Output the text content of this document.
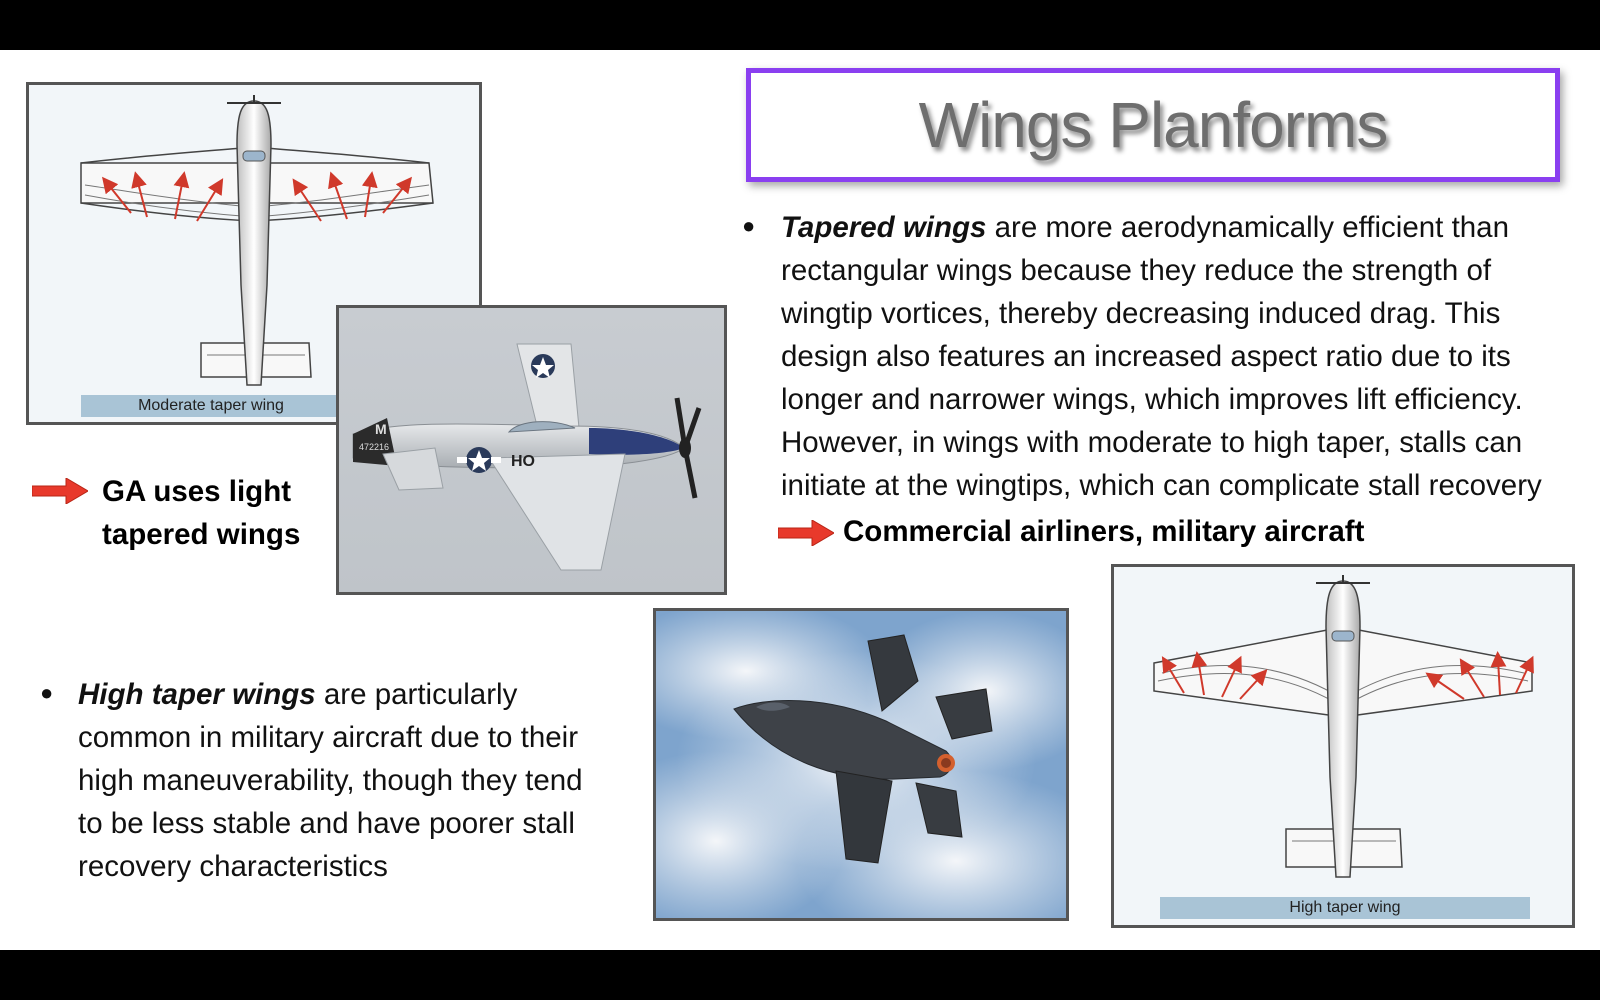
Moderate taper wing
M
472216
HO
GA uses light
tapered wings
Wings Planforms
● Tapered wings are more aerodynamically efficient than rectangular wings because they reduce the strength of wingtip vortices, thereby decreasing induced drag. This design also features an increased aspect ratio due to its longer and narrower wings, which improves lift efficiency. However, in wings with moderate to high taper, stalls can initiate at the wingtips, which can complicate stall recovery
Commercial airliners, military aircraft
● High taper wings are particularly common in military aircraft due to their high maneuverability, though they tend to be less stable and have poorer stall recovery characteristics
High taper wing
